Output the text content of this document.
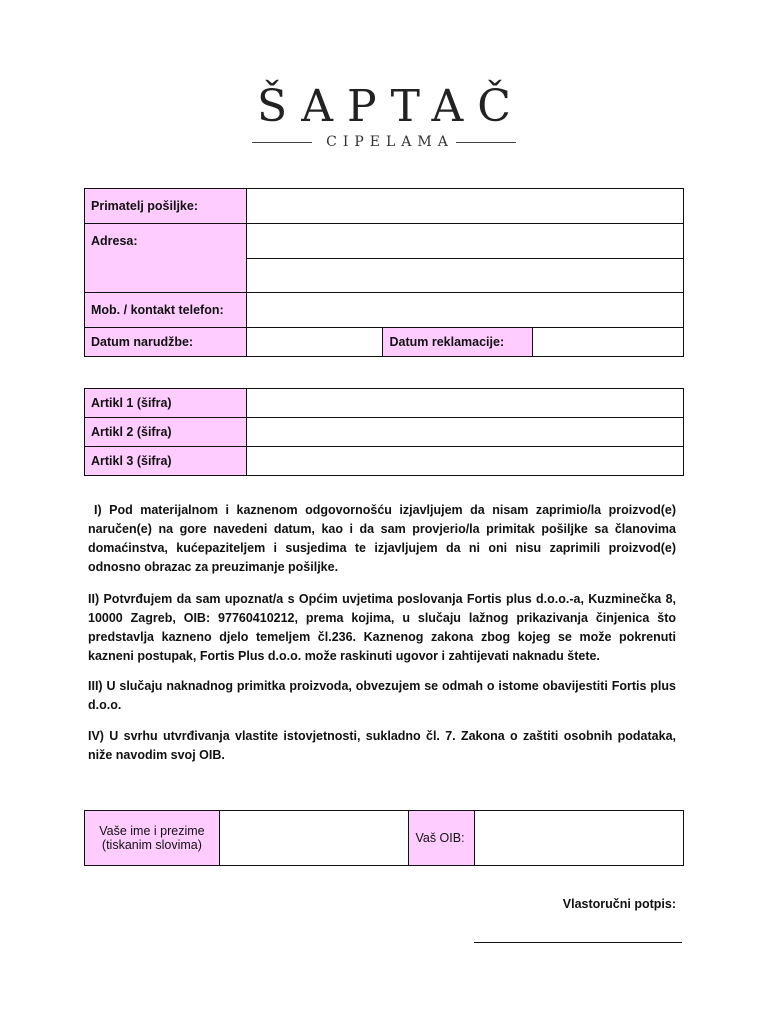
ŠAPTAČ
CIPELAMA
Primatelj pošiljke:			
Adresa:			

Mob. / kontakt telefon:			
Datum narudžbe:		Datum reklamacije:	
Artikl 1 (šifra)	
Artikl 2 (šifra)	
Artikl 3 (šifra)	
I) Pod materijalnom i kaznenom odgovornošću izjavljujem da nisam zaprimio/la proizvod(e) naručen(e) na gore navedeni datum, kao i da sam provjerio/la primitak pošiljke sa članovima domaćinstva, kućepaziteljem i susjedima te izjavljujem da ni oni nisu zaprimili proizvod(e) odnosno obrazac za preuzimanje pošiljke.
II) Potvrđujem da sam upoznat/a s Općim uvjetima poslovanja Fortis plus d.o.o.-a, Kuzminečka 8, 10000 Zagreb, OIB: 97760410212, prema kojima, u slučaju lažnog prikazivanja činjenica što predstavlja kazneno djelo temeljem čl.236. Kaznenog zakona zbog kojeg se može pokrenuti kazneni postupak, Fortis Plus d.o.o. može raskinuti ugovor i zahtijevati naknadu štete.
III) U slučaju naknadnog primitka proizvoda, obvezujem se odmah o istome obavijestiti Fortis plus d.o.o.
IV) U svrhu utvrđivanja vlastite istovjetnosti, sukladno čl. 7. Zakona o zaštiti osobnih podataka, niže navodim svoj OIB.
Vaše ime i prezime
(tiskanim slovima)		Vaš OIB:	
Vlastoručni potpis:
